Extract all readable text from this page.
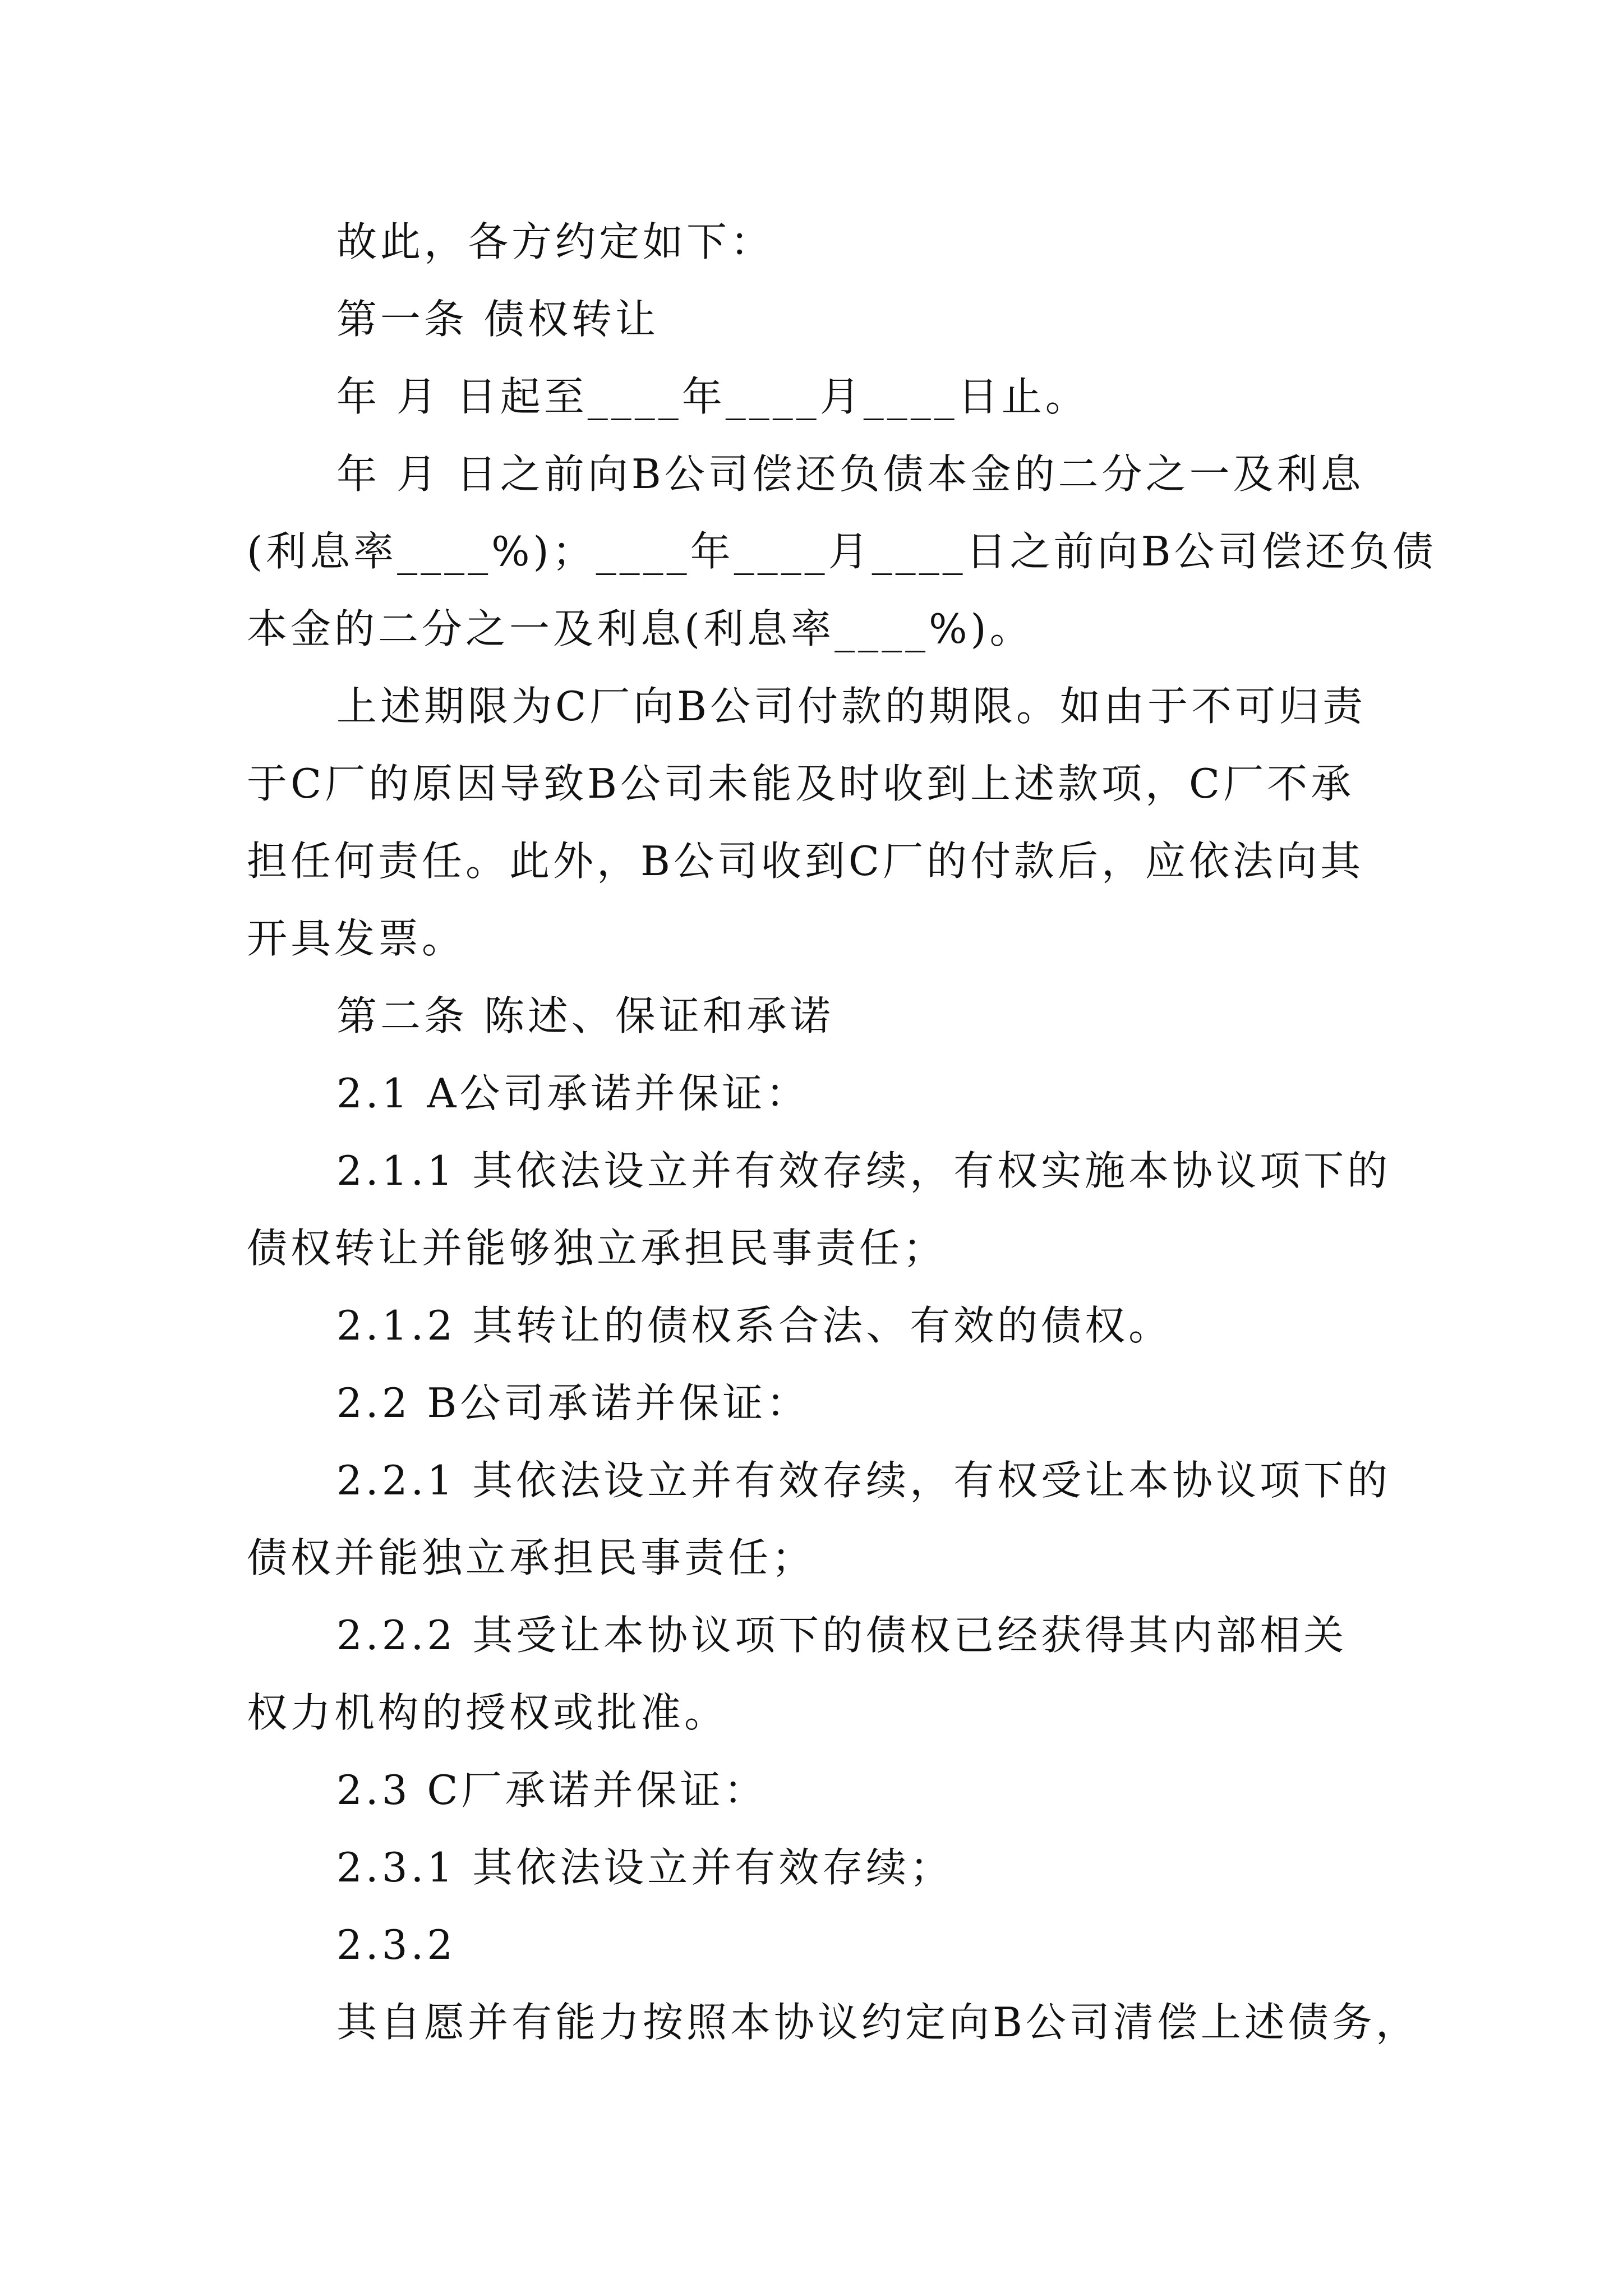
故此，各方约定如下：
第一条 债权转让
年 月 日起至____年____月____日止。
年 月 日之前向B公司偿还负债本金的二分之一及利息
(利息率____%)；____年____月____日之前向B公司偿还负债
本金的二分之一及利息(利息率____%)。
上述期限为C厂向B公司付款的期限。如由于不可归责
于C厂的原因导致B公司未能及时收到上述款项，C厂不承
担任何责任。此外，B公司收到C厂的付款后，应依法向其
开具发票。
第二条 陈述、保证和承诺
2.1 A公司承诺并保证：
2.1.1 其依法设立并有效存续，有权实施本协议项下的
债权转让并能够独立承担民事责任；
2.1.2 其转让的债权系合法、有效的债权。
2.2 B公司承诺并保证：
2.2.1 其依法设立并有效存续，有权受让本协议项下的
债权并能独立承担民事责任；
2.2.2 其受让本协议项下的债权已经获得其内部相关
权力机构的授权或批准。
2.3 C厂承诺并保证：
2.3.1 其依法设立并有效存续；
2.3.2
其自愿并有能力按照本协议约定向B公司清偿上述债务，
